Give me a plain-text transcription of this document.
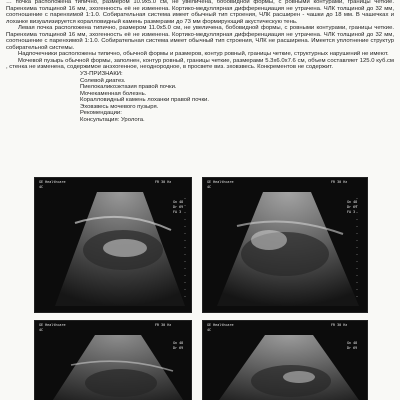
… почка расположена типично, размером 10.9x5.0 см, не увеличена, бобовидной формы, с ровными контурами, границы четкие. Паренхима толщиной 16 мм, эхогенность её не изменена. Кортико-медуллярная дифференциация не утрачена. ЧЛК толщиной до 32 мм, соотношение с паренхимой 1:1.0. Собирательная система имеет обычный тип строения, ЧЛК расширен - чашки до 18 мм. В чашечках и лоханке визуализируется коралловидный камень размерами до 73 мм формирующий акустическую тень.

Левая почка расположена типично, размером 11.0x5.0 см, не увеличена, бобовидной формы, с ровными контурами, границы четкие. Паренхима толщиной 16 мм, эхогенность её не изменена. Кортико-медуллярная дифференциация не утрачена. ЧЛК толщиной до 32 мм, соотношение с паренхимой 1:1.0. Собирательная система имеет обычный тип строения, ЧЛК не расширена. Имеется уплотнение структур собирательной системы.

Надпочечники расположены типично, обычной формы и размеров, контур ровный, границы четкие, структурных нарушений не имеют.

Мочевой пузырь обычной формы, заполнен, контур ровный, границы четкие, размерами 5.3x6.0x7.6 см, объем составляет 125.0 куб.см , стенка не изменена, содержимое анэхогенное, неоднородное, в просвете виз. эховзвесь. Конкрементов не содержит.

УЗ-ПРИЗНАКИ:

Солевой диатез.

Пиелокаликоэктазия правой почки.

Мочекаменная болезнь.

Коралловидный камень лоханки правой почки.

Эховзвесь мочевого пузыря.

Рекомендации:

Консультация: Уролога.

GE Healthcare
4C
FR 30 Hz
Gn 48
Dr 69
FA 3
GE Healthcare
4C
FR 30 Hz
Gn 48
Dr 69
FA 3
GE Healthcare
4C
FR 30 Hz
Gn 48
Dr 69
GE Healthcare
4C
FR 30 Hz
Gn 48
Dr 69
